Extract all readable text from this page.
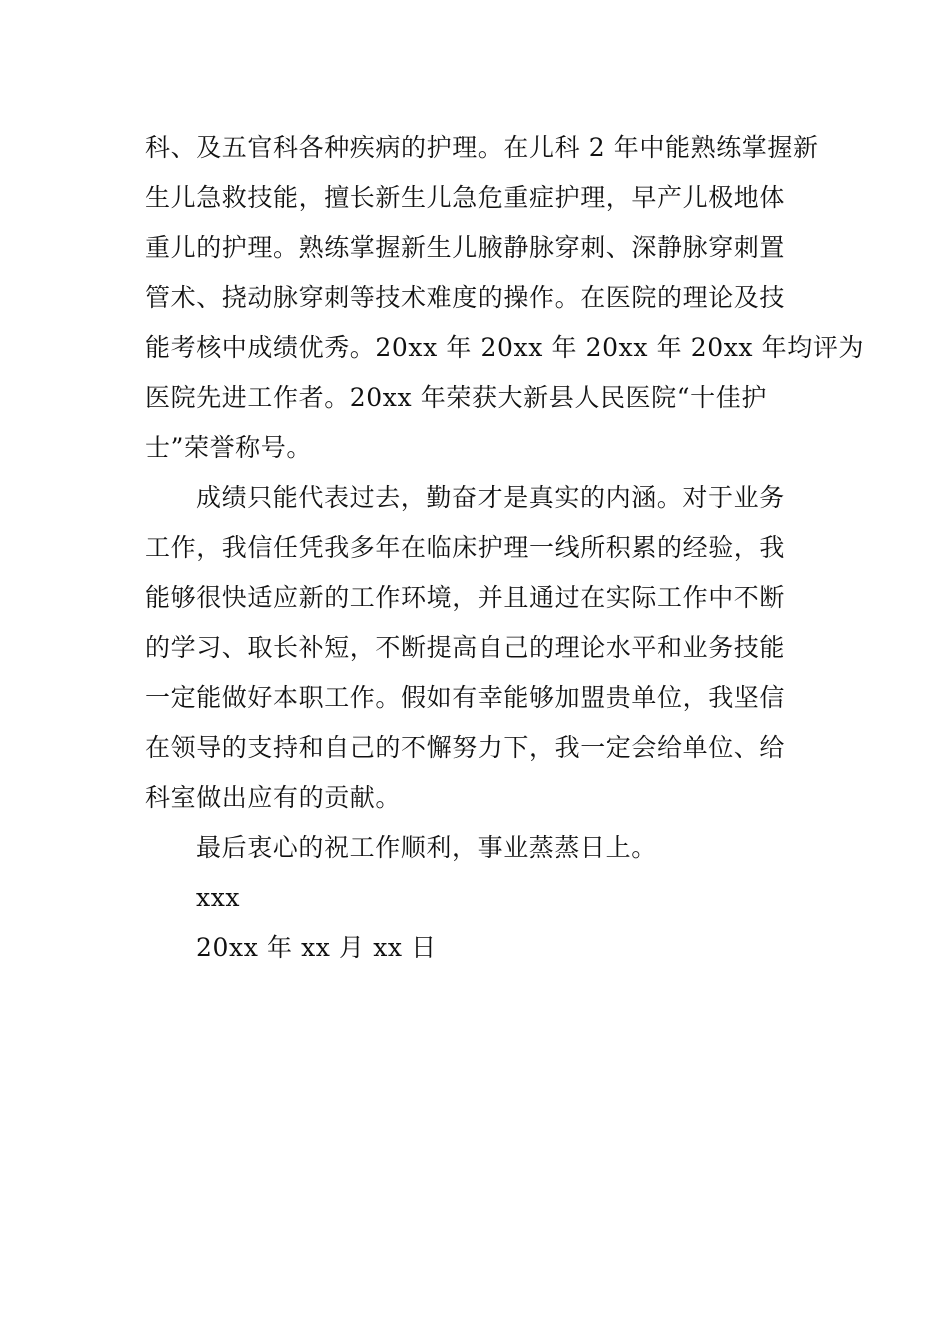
科、及五官科各种疾病的护理。在儿科 2 年中能熟练掌握新
生儿急救技能，擅长新生儿急危重症护理，早产儿极地体
重儿的护理。熟练掌握新生儿腋静脉穿刺、深静脉穿刺置
管术、挠动脉穿刺等技术难度的操作。在医院的理论及技
能考核中成绩优秀。20xx 年 20xx 年 20xx 年 20xx 年均评为
医院先进工作者。20xx 年荣获大新县人民医院“十佳护
士”荣誉称号。
成绩只能代表过去，勤奋才是真实的内涵。对于业务
工作，我信任凭我多年在临床护理一线所积累的经验，我
能够很快适应新的工作环境，并且通过在实际工作中不断
的学习、取长补短，不断提高自己的理论水平和业务技能
一定能做好本职工作。假如有幸能够加盟贵单位，我坚信
在领导的支持和自己的不懈努力下，我一定会给单位、给
科室做出应有的贡献。
最后衷心的祝工作顺利，事业蒸蒸日上。
xxx
20xx 年 xx 月 xx 日
